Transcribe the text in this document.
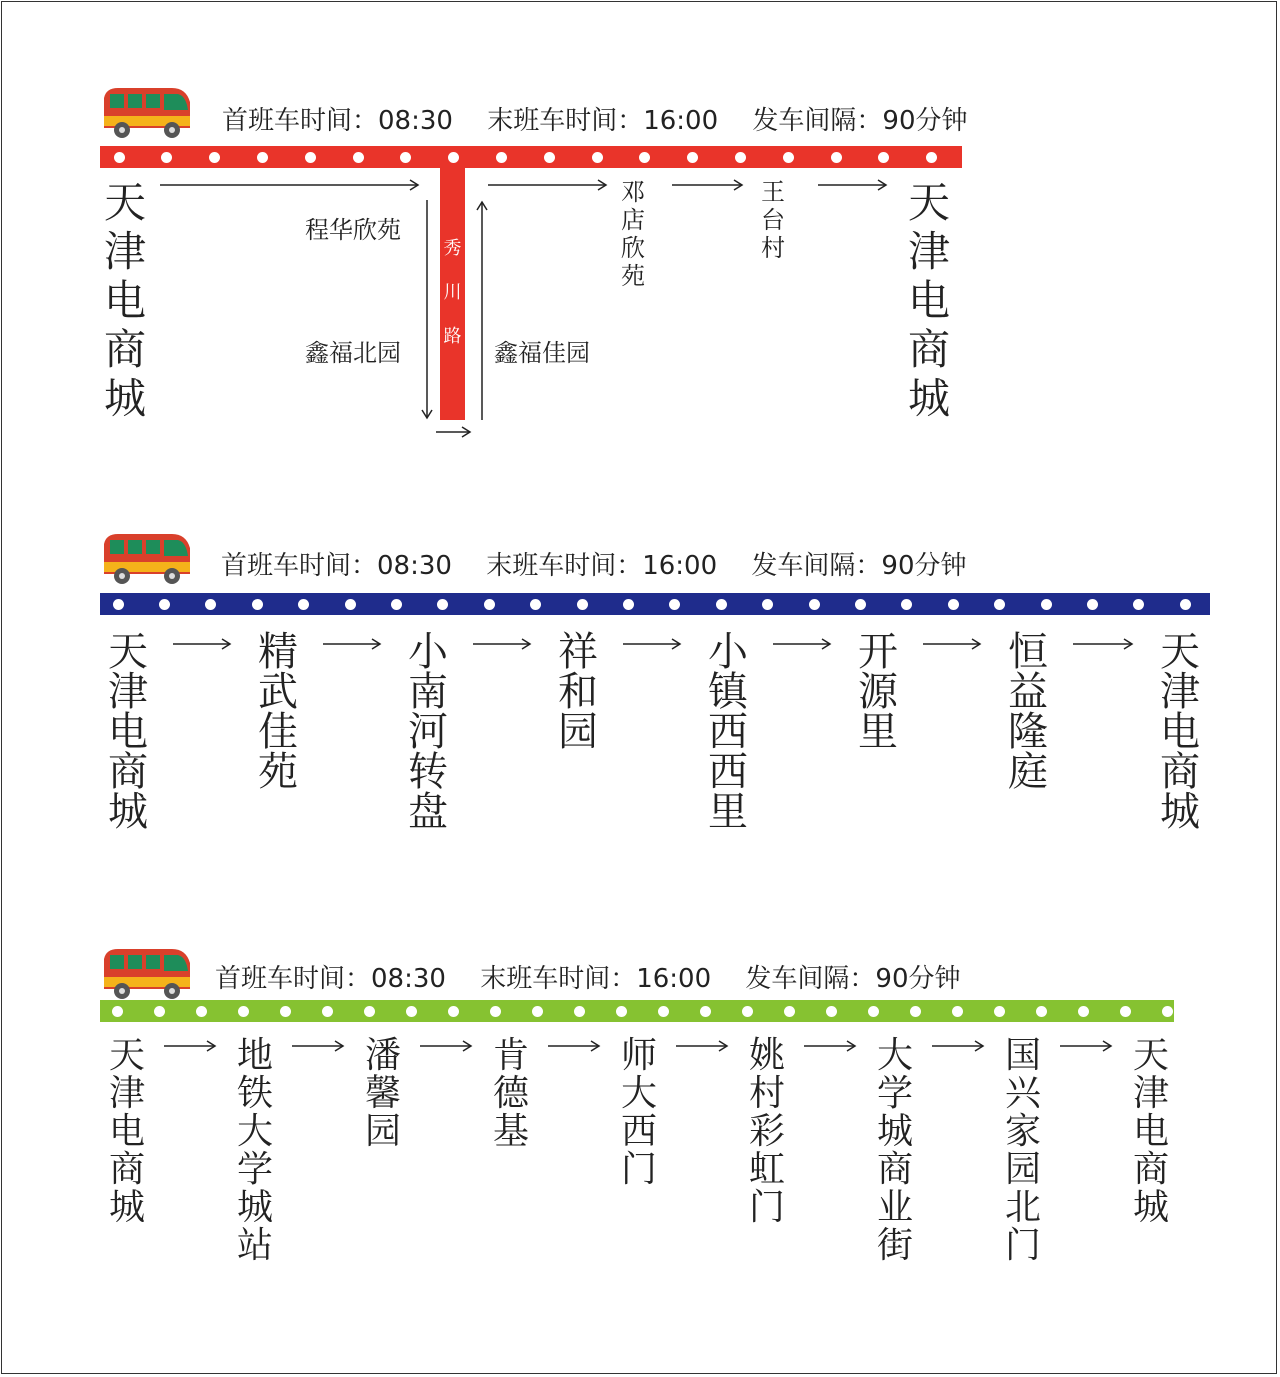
首班车时间：08:30 末班车时间：16:00 发车间隔：90分钟
天
津
电
商
城
秀
川
路
程华欣苑
鑫福北园	鑫福佳园
邓
店
欣
苑
王
台
村
天
津
电
商
城
首班车时间：08:30 末班车时间：16:00 发车间隔：90分钟
天
津
电
商
城
精
武
佳
苑
小
南
河
转
盘
祥
和
园
小
镇
西
西
里
开
源
里
恒
益
隆
庭
天
津
电
商
城
首班车时间：08:30 末班车时间：16:00 发车间隔：90分钟
天
津
电
商
城
地
铁
大
学
城
站
潘
馨
园
肯
德
基
师
大
西
门
姚
村
彩
虹
门
大
学
城
商
业
街
国
兴
家
园
北
门
天
津
电
商
城
